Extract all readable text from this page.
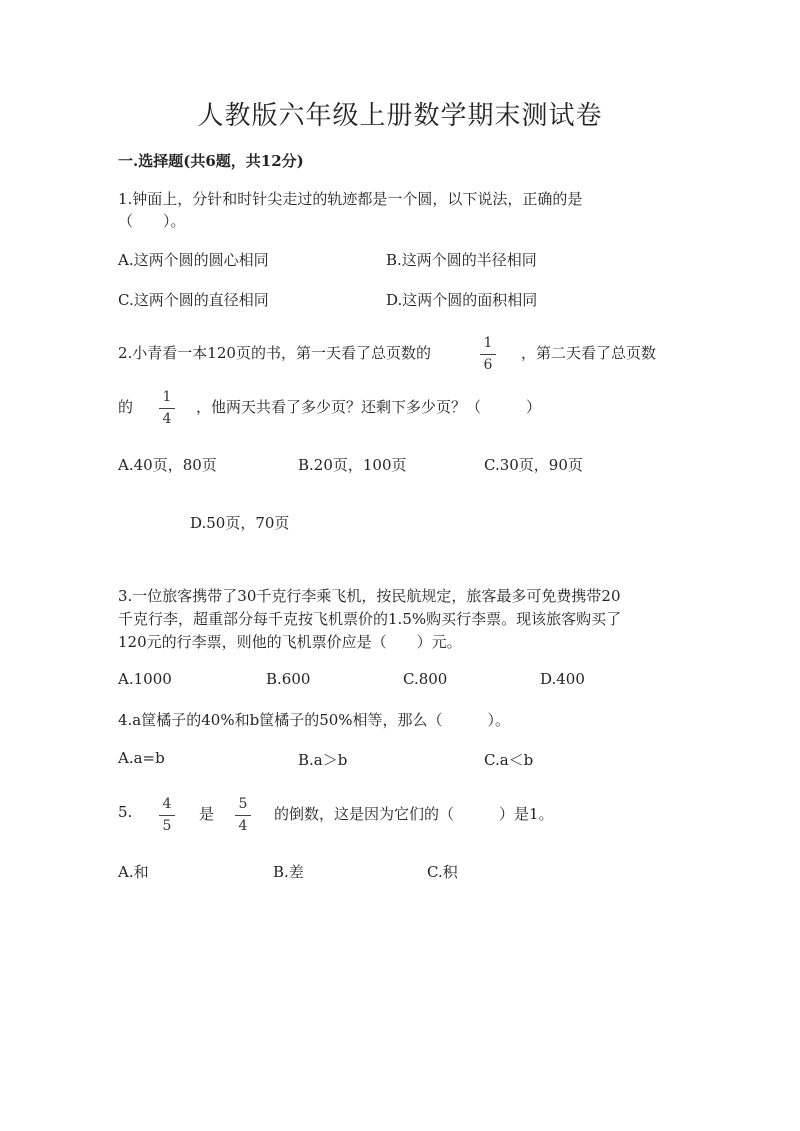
人教版六年级上册数学期末测试卷
一.选择题(共6题，共12分)
1.钟面上，分针和时针尖走过的轨迹都是一个圆，以下说法，正确的是
（　　）。
A.这两个圆的圆心相同	B.这两个圆的半径相同
C.这两个圆的直径相同	D.这两个圆的面积相同
2.小青看一本120页的书，第一天看了总页数的
1
6
，第二天看了总页数
的
1
4
，他两天共看了多少页？还剩下多少页？（　　　）
A.40页，80页	B.20页，100页	C.30页，90页
D.50页，70页
3.一位旅客携带了30千克行李乘飞机，按民航规定，旅客最多可免费携带20
千克行李，超重部分每千克按飞机票价的1.5%购买行李票。现该旅客购买了
120元的行李票，则他的飞机票价应是（　　）元。
A.1000	B.600	C.800	D.400
4.a筐橘子的40%和b筐橘子的50%相等，那么（　　　）。
A.a=b	B.a＞b	C.a＜b
5.	4
5
是
5
4
的倒数，这是因为它们的（　　　）是1。
A.和	B.差	C.积
